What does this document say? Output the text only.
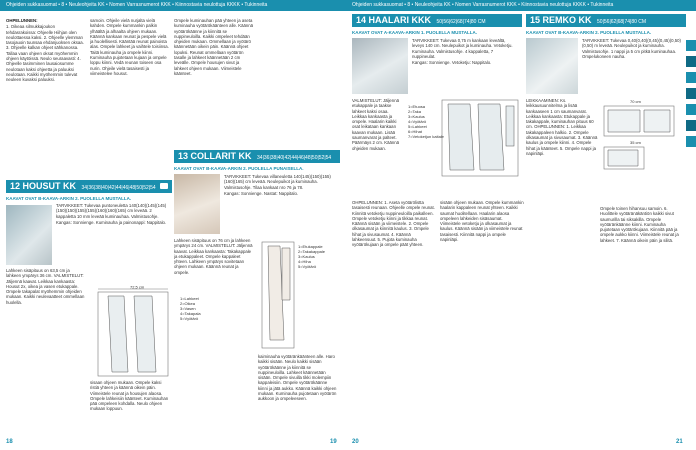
Ohjeiden sukkasuomat • 8 • Neuleohjeita KK • Nomen Varrasnumerot KKK • Kiinnostavia neulottuja KKKK • Tukinneita	Ohjeiden sukkasuomat • 8 • Neuleohjeita KK • Nomen Varrasnumerot KKK • Kiinnostavia neulottuja KKKK • Tukinneita

OHPELUNNEN:

1. Oikeaa silmukkajoukon tehdasrakoissa: Ohjeelle Hiihjan olen neulottaessa kaksi. 2. Ohjeelle ylemman tasojauoin tuunsaa ehdanjuoksen oksaa. 3. Ohjeelle kalkan ohjeet sähkanossa. Tallaa vaan ohjeen oksat myöhemmin ohjeen käytöissä. Neulo seuraavasti: 4. Ohjeelle tasimminen lausaiosumme neulotaan kaksi ohjeetta ja paluuksi neulotaan. Kaikki myöhemmin tulevat neuleen kuvaksi paluuksi.

12 HOUSUT KK 34|36|38|40|42|44|46|48|50|52|54
KAAVAT OVAT B-KAAVA-ARKIN 2. PUOLELLA MUSTALLA.

TARVIKKEET: Tukevaa puntoneuletta 140(140)(145)(145)(150)(150)(155)(155)(160)(160)(165) cm leveää. 2 kappaletta 10 mm leveää kuminauhaa. Valmistusohje.

Kangas: Sonnienge. Kuminauha ja painonappi: Nappitalo.

Lahkeen sisäpituus on 63,5 cm ja lahkeen ympärys 36 cm. VALMISTELUT: Jäljennä kaavat. Leikkaa kankaasta: Housut 2x, oikea ja vasen etukappale. Ompele takapalat myöhemmin ohjeiden mukaan. Kaikki neulevaatteet ommellaan huolella.

samoin. Ohjeile vielä nurjalta vielä kahden. Ompele kummankin palkin ylhäältä ja alhaalta ohjeen mukaan. Käännä kankaan reunat ja pespele vielä ja huolellisesti. Kääntää reunat painoista alas. Ompele lahkeet ja vaihtele toisiinsa. Taitä kuminauha ja ompele kiinni. Kuminauha pujotetaan kujaan ja ompele loppu kiinni. Vedä reunan toiseen osa nurin. Ohjeile vielä tasaisesti ja viimeistelee housut.

72,5 cm
1=Lahkeet
2=Oikea
3=Vasen
4=Takapala
5=Vyötärö

sisaan ohjeen mukaan. Ompele kaksi ristiä yhteen ja käännä oikein päin. Viimeistele reunat ja housujen alaosa. Ompele lahkeisiin käänteet. Kuminauhan pää ompeleen kohdalla. Neulo ohjeen mukaan loppuun.

Ompele kuminauhan pää yhteen ja aseta kuminauha vyötärökäänteen alle. Käännä vyötärökäänne ja kiinnitä se nuppineuloilla. Kaikki ompeleet tehdään ohjeiden mukaan. Ommellaan ja vyötärö käännetään oikein päin. Käännä ohjeet lopuksi. Reunat ommellaan vyötärön tasalle ja lahkeet käännetään 2 cm leveälle. Ompele housujen sivut ja lahkeet ohjeen mukaan. Viimeistele käänteet.

13 COLLARIT KK 34|36|38|40|42|44|46|48|50|52|54
KAAVAT OVAT B-KAAVA-ARKIN 2. PUOLELLA PUNAISELLA.

TARVIKKEET: Tukevaa villaneuletta 140(145)(150)(155)(160)(165) cm leveää. Neulepuikot ja kuminauha. Valmistusohje. Tilaa kankaat nro 76 ja 78.

Kangas: Sonnienge. Nastat: Nappitalo.

Lahkeen sisäpituus on 76 cm ja lahkeen ympärys 24 cm. VALMISTELUT: Jäljennä kaavat. Leikkaa kankaasta: Takakappale ja etukappaleet. Ompele kappaleet yhteen. Lahkeen ympärys sovitetaan ohjeen mukaan. Käännä reunat ja ompele.

1=Etukappale
2=Takakappale
3=Kaulus
4=Hiha
5=Vyötärö

kaiminauha vyötäränkäänteen alle. Haro kaikki sisään. Neulo kaikki sisään vyötärökäänne ja kiinnitä se nuppineuloilla. Lahkeet käännetään sisään. Ompele sivuilla tikki molempiin kappaleisiin. Ompele vyötärökäänne kiinni ja jätä aukko. Käännä kaikki ohjeen mukaan. Kuminauha pujotetaan vyötärön aukkoon ja ompeleeseen.

18	19
14 HAALARI KKK 50|56|62|68|74|80 CM
KAAVAT OVAT A-KAAVA-ARKIN 1. PUOLELLA MUSTALLA.

TARVIKKEET: Tukevaa 0,75 m kankaan leveältä, leveys 140 cm. Neulepuikot ja kuminauha. Vetoketju. Kuminauha. Valmistusohje. 4 kappaletta, 7 nuppineulat.

Kangas: Sonnienge. Vetoketju: Nappitalo.

VALMISTELUT: Jäljennä etukappale ja taakse lahkeet kaksi osaa. Leikkaa kankaasta ja ompele. Haalarin kaikki osat leikataan kankaan kaavan mukaan. Lisää saumanvarat ja palteet. Päärmäys 2 cm. Käännä ohjeiden mukaan.

1=Etuosa
2=Taka
3=Kaulus
4=Vyötärö
5=Lahkeet
6=Hihat
7=Vetoketjun kaitale

OHPELUNNEN: 1. Aseta vyötärölistta tasaisesti reunaan. Ohjeelle ompele reunat. Kiinnitä vetoketju nuppineuloilla paikalleen. Ompele vetoketju kiinni ja tikkaa reunat. Käännä sisään ja viimeistele. 2. Ompele olkasaumat ja kiinnitä kaulus. 3. Ompele hihat ja sivusaumat. 4. Käännä lahkeensuut. 5. Pujota kuminauha vyötärökujaan ja ompele päät yhteen.

sisään ohjeen mukaan. Ompele kummankin haalarin kappaleen reunat yhteen. Kaikki saumat huolitellaan. Haalarin alaosa ompeleen lahkeiden sisäsaumat. Viimeistele vetoketju ja olkasaumat ja kaulus. Käännä sisään ja viimeistele reunat tasaisesti. Kiinnitä nappi ja ompele napinläpi.

15 REMKO KK 50|56|62|68|74|80 CM
KAAVAT OVAT B-KAAVA-ARKIN 2. PUOLELLA MUSTALLA.

TARVIKKEET: Tukevaa 0,40(0,40)(0,45)(0,45)(0,50)(0,50) m leveää. Neulepuikot ja kuminauha. Valmistusohje. 1 nappi ja 5 cm pitkä kuminauhaa. Ompelukoneen nauha.

LEIKKAAMINEN: Ks. leikkausuunnitelma ja lisää kankaaseen 1 cm saumanvarat. Leikkaa kankaasta: Etukappale ja takakappale, kuminauhan pituus 60 cm. OHPELUNNEN: 1. Leikkaa takakappaleen halkio. 2. Ompele olkasaumat ja sivusaumat. 3. Käännä kaulus ja ompele kiinni. 4. Ompele hihat ja käänteet. 5. Ompele nappi ja napinläpi.

70 cm
35 cm

Ompele toinen hihansuu samoin. 6. Huolittele vyötäränäkäntiön kaikki sivut saumurilla tai siksakilla. Ompele vyötäränkäänne kiinni. Kuminauha pujotetaan vyötärökujaan. Kiinnitä pää ja ompele aukko kiinni. Viimeistele reunat ja lahkeet. 7. Käännä oikein päin ja silitä.

20	21
